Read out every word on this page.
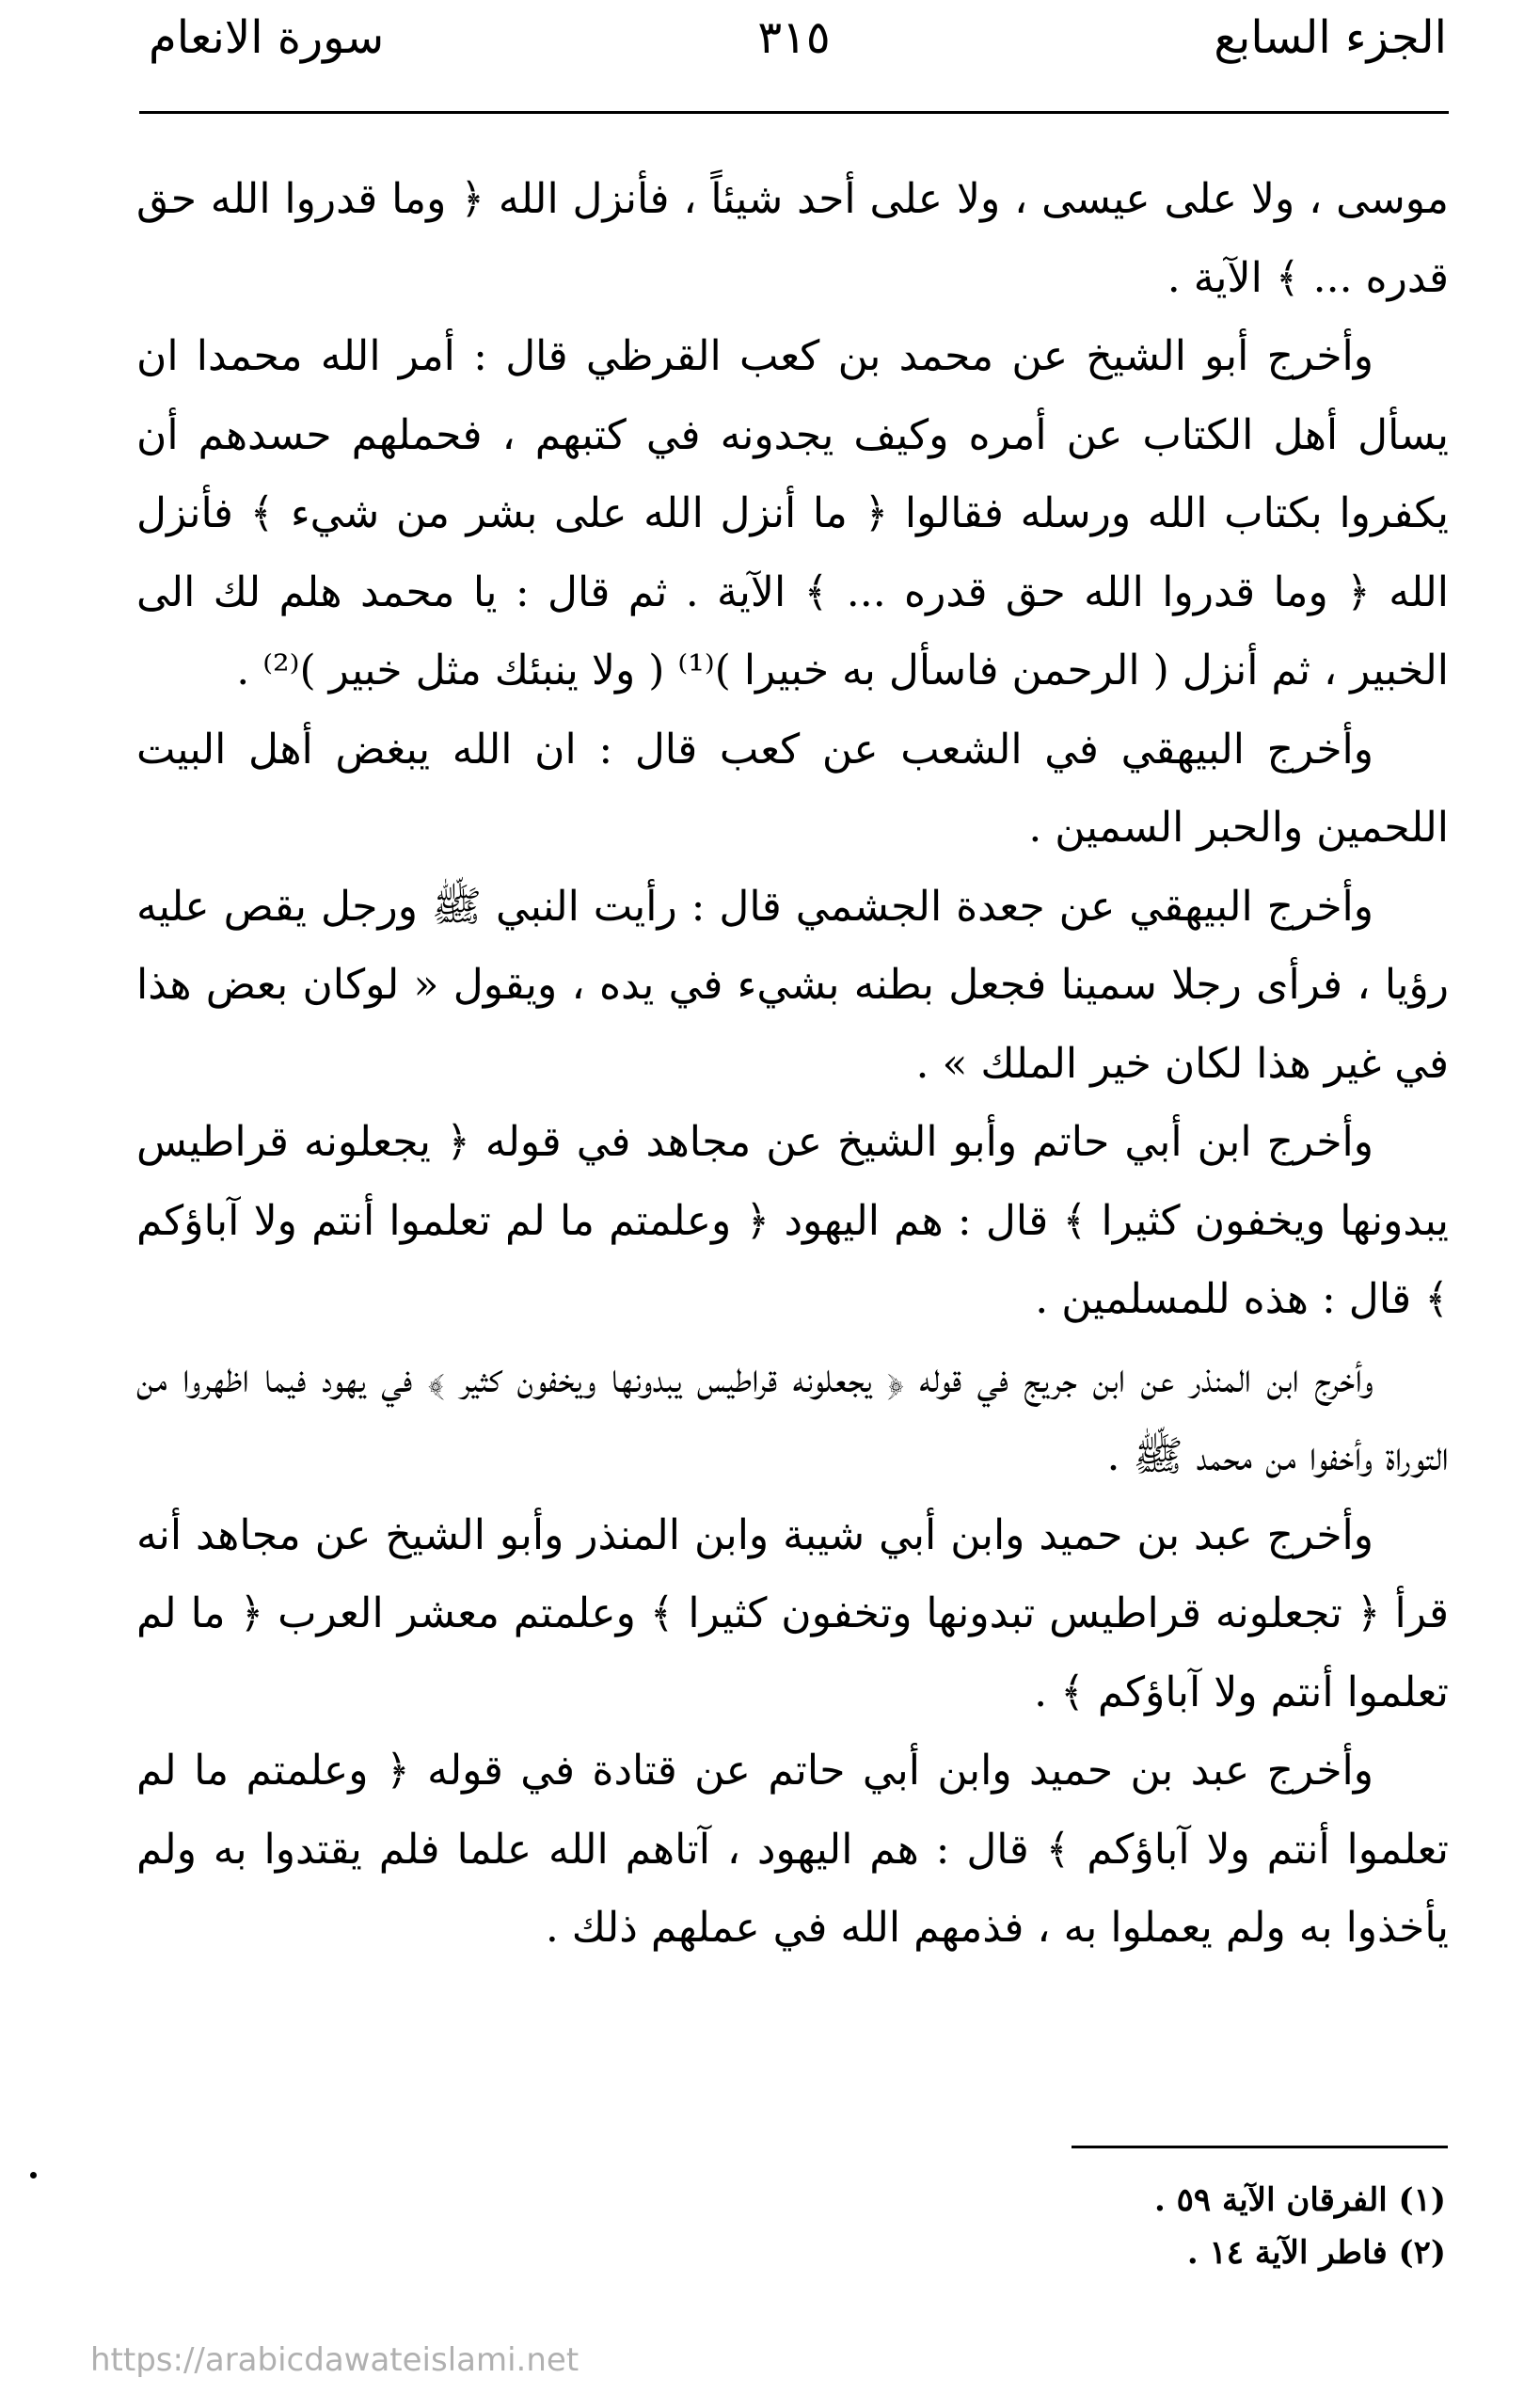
الجزء السابع
٣١٥
سورة الانعام

موسى ، ولا على عيسى ، ولا على أحد شيئاً ، فأنزل الله ﴿ وما قدروا الله حق قدره ... ﴾ الآية .

وأخرج أبو الشيخ عن محمد بن كعب القرظي قال : أمر الله محمدا ان يسأل أهل الكتاب عن أمره وكيف يجدونه في كتبهم ، فحملهم حسدهم أن يكفروا بكتاب الله ورسله فقالوا ﴿ ما أنزل الله على بشر من شيء ﴾ فأنزل الله ﴿ وما قدروا الله حق قدره ... ﴾ الآية . ثم قال : يا محمد هلم لك الى الخبير ، ثم أنزل ( الرحمن فاسأل به خبيرا )⁽¹⁾ ( ولا ينبئك مثل خبير )⁽²⁾ .

وأخرج البيهقي في الشعب عن كعب قال : ان الله يبغض أهل البيت اللحمين والحبر السمين .

وأخرج البيهقي عن جعدة الجشمي قال : رأيت النبي ﷺ ورجل يقص عليه رؤيا ، فرأى رجلا سمينا فجعل بطنه بشيء في يده ، ويقول « لوكان بعض هذا في غير هذا لكان خير الملك » .

وأخرج ابن أبي حاتم وأبو الشيخ عن مجاهد في قوله ﴿ يجعلونه قراطيس يبدونها ويخفون كثيرا ﴾ قال : هم اليهود ﴿ وعلمتم ما لم تعلموا أنتم ولا آباؤكم ﴾ قال : هذه للمسلمين .

وأخرج ابن المنذر عن ابن جريج في قوله ﴿ يجعلونه قراطيس يبدونها ويخفون كثير ﴾ في يهود فيما اظهروا من التوراة وأخفوا من محمد ﷺ .

وأخرج عبد بن حميد وابن أبي شيبة وابن المنذر وأبو الشيخ عن مجاهد أنه قرأ ﴿ تجعلونه قراطيس تبدونها وتخفون كثيرا ﴾ وعلمتم معشر العرب ﴿ ما لم تعلموا أنتم ولا آباؤكم ﴾ .

وأخرج عبد بن حميد وابن أبي حاتم عن قتادة في قوله ﴿ وعلمتم ما لم تعلموا أنتم ولا آباؤكم ﴾ قال : هم اليهود ، آتاهم الله علما فلم يقتدوا به ولم يأخذوا به ولم يعملوا به ، فذمهم الله في عملهم ذلك .

(١) الفرقان الآية ٥٩ .
(٢) فاطر الآية ١٤ .
https://arabicdawateislami.net
